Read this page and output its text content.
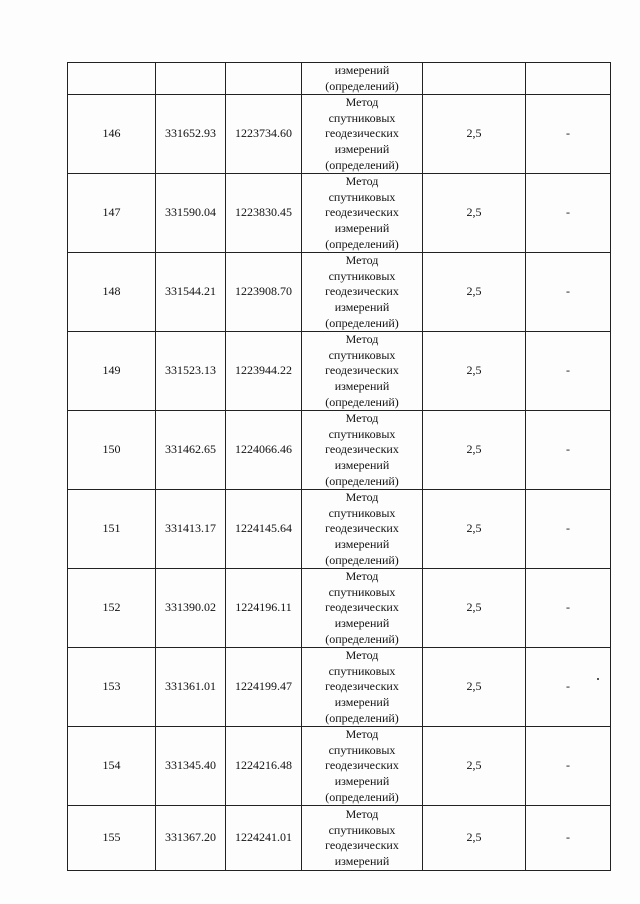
			измерений
(определений)		

146	331652.93	1223734.60	Метод
спутниковых
геодезических
измерений
(определений)	2,5	-
147	331590.04	1223830.45	Метод
спутниковых
геодезических
измерений
(определений)	2,5	-
148	331544.21	1223908.70	Метод
спутниковых
геодезических
измерений
(определений)	2,5	-
149	331523.13	1223944.22	Метод
спутниковых
геодезических
измерений
(определений)	2,5	-
150	331462.65	1224066.46	Метод
спутниковых
геодезических
измерений
(определений)	2,5	-
151	331413.17	1224145.64	Метод
спутниковых
геодезических
измерений
(определений)	2,5	-
152	331390.02	1224196.11	Метод
спутниковых
геодезических
измерений
(определений)	2,5	-
153	331361.01	1224199.47	Метод
спутниковых
геодезических
измерений
(определений)	2,5	-
154	331345.40	1224216.48	Метод
спутниковых
геодезических
измерений
(определений)	2,5	-
155	331367.20	1224241.01	Метод
спутниковых
геодезических
измерений	2,5	-
